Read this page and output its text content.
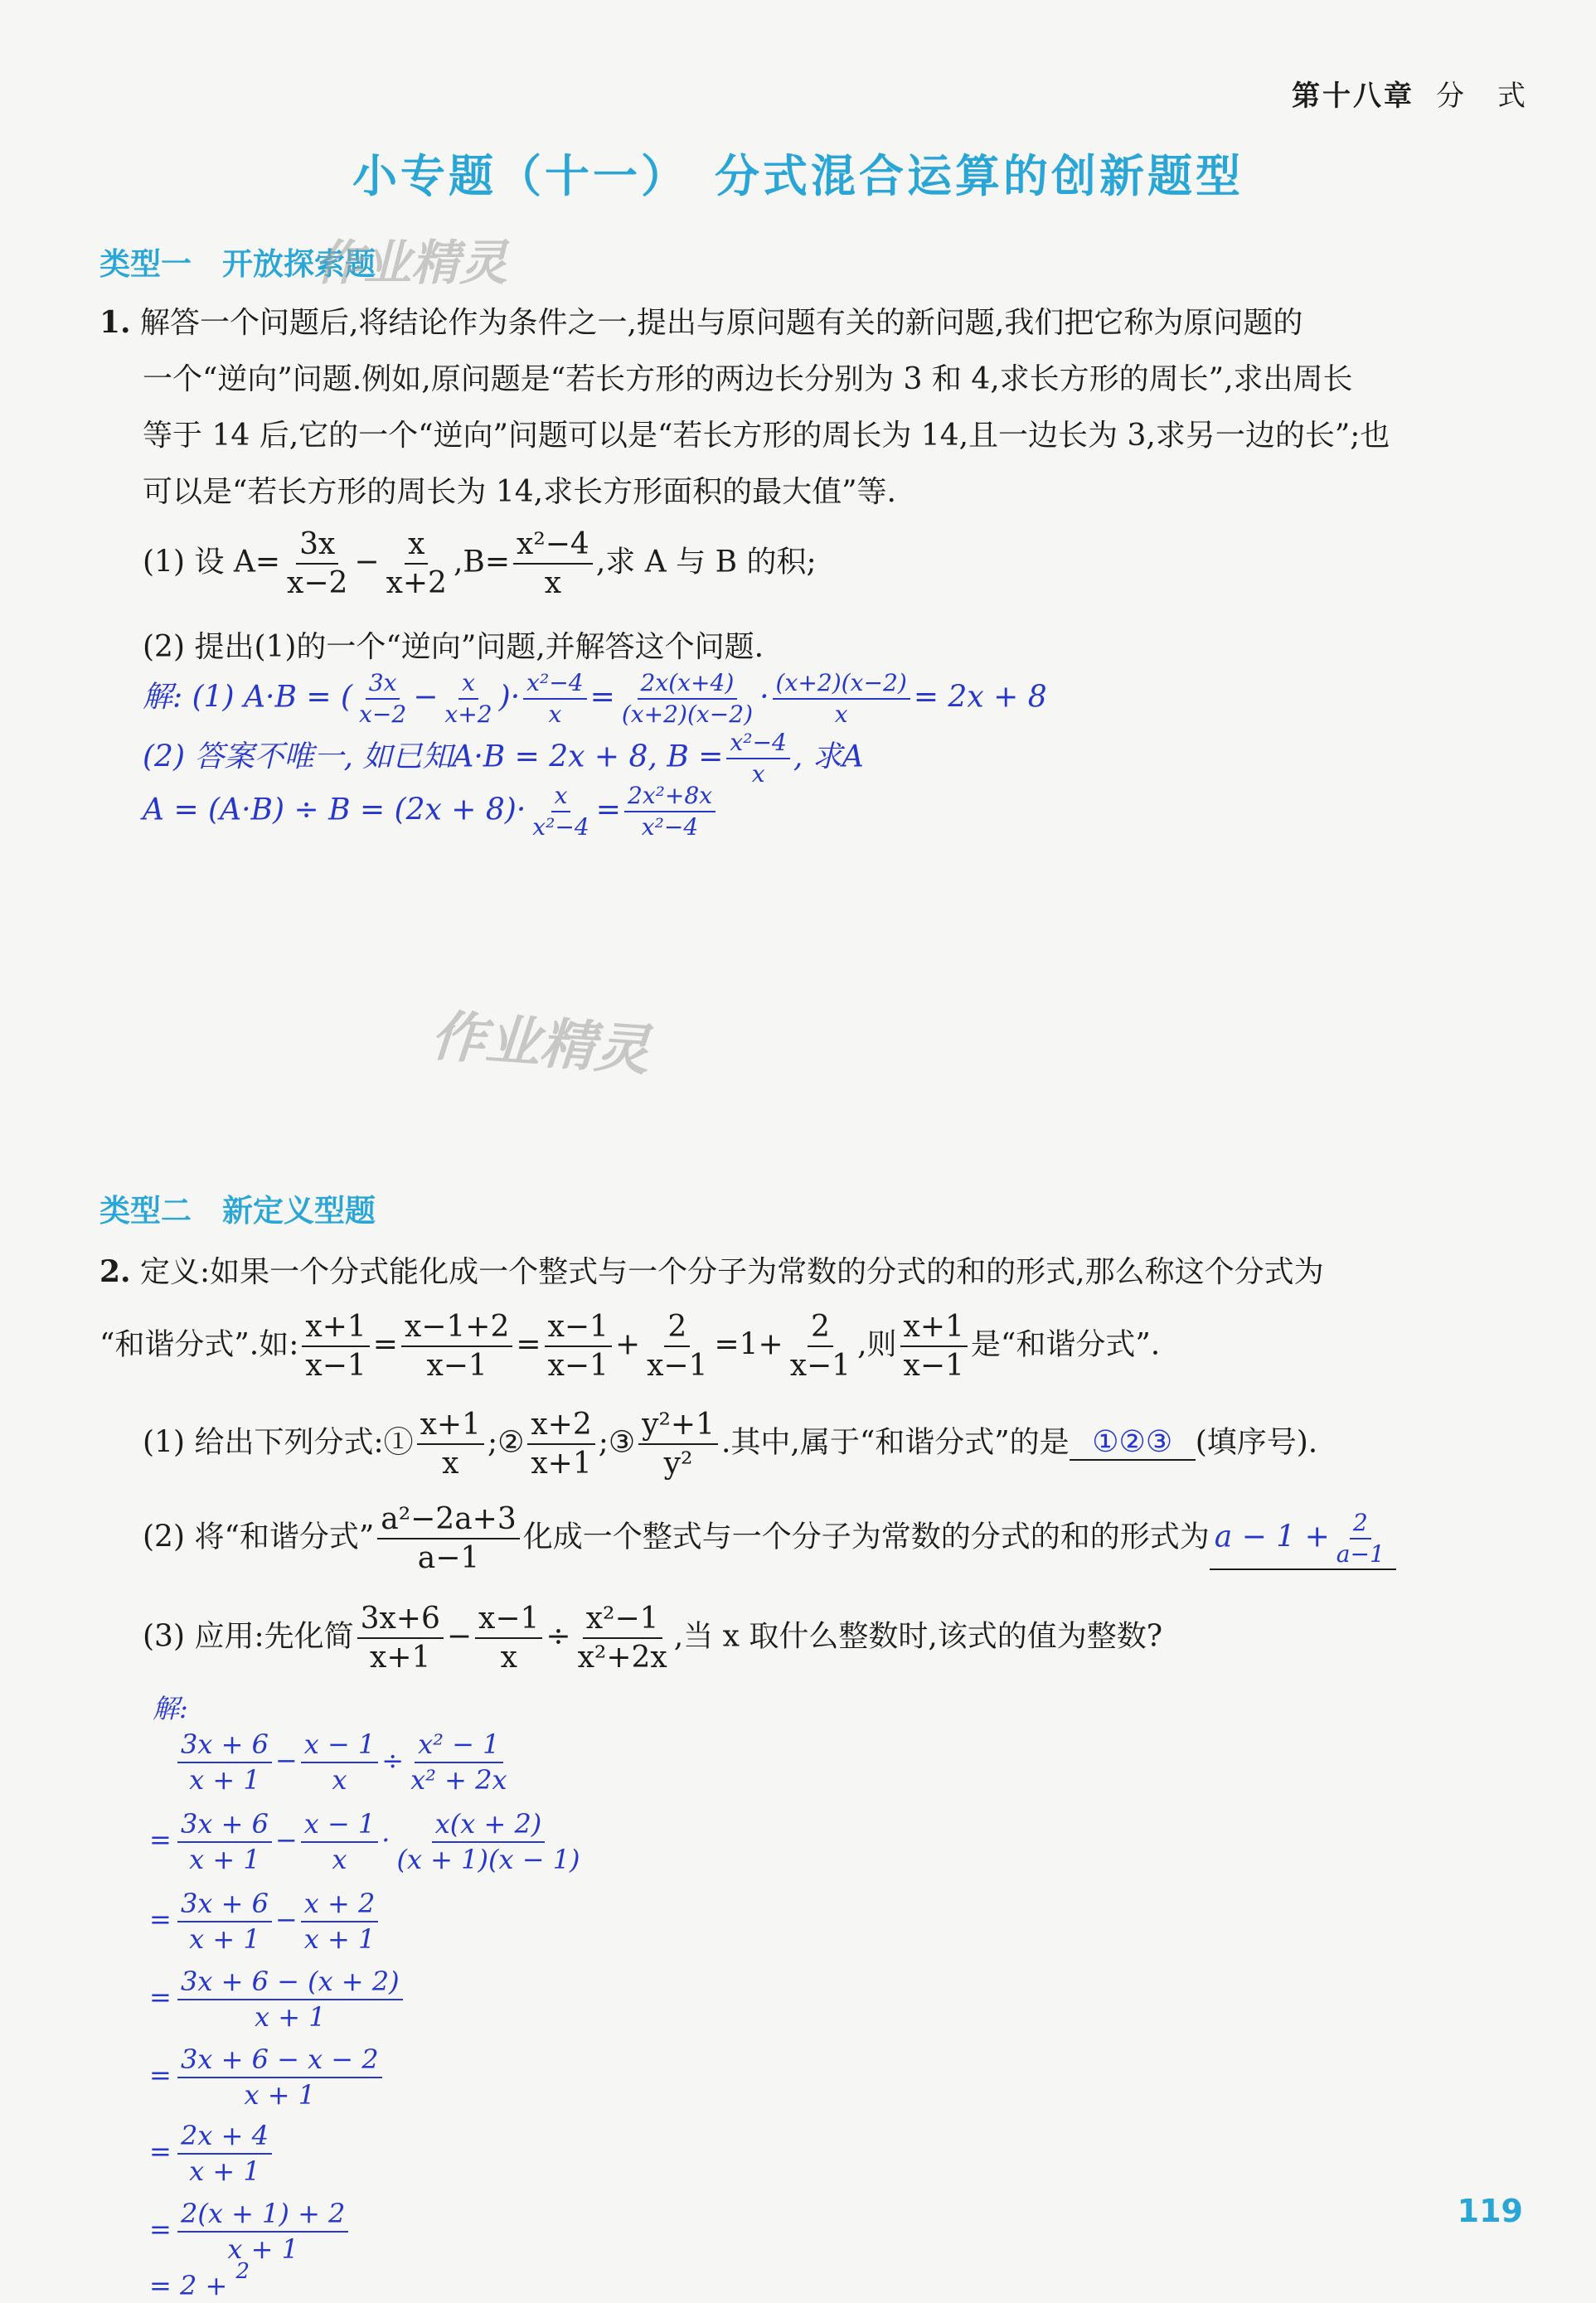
第十八章 分　式
小专题（十一）　分式混合运算的创新题型
类型一　开放探索题
作业精灵
1. 解答一个问题后,将结论作为条件之一,提出与原问题有关的新问题,我们把它称为原问题的
一个“逆向”问题.例如,原问题是“若长方形的两边长分别为 3 和 4,求长方形的周长”,求出周长
等于 14 后,它的一个“逆向”问题可以是“若长方形的周长为 14,且一边长为 3,求另一边的长”;也
可以是“若长方形的周长为 14,求长方形面积的最大值”等.
(1) 设 $A= \frac{3x}{x-2} - \frac{x}{x+2} ,B= \frac{\text{x²−4}}{x}$ ,求 A 与 B 的积;
(2) 提出(1)的一个“逆向”问题,并解答这个问题.
解: (1) A·B = ( $\frac{3x}{x-2} - \frac{x}{x+2}$ )· $\frac{\text{x²−4}}{x} = \frac{2x(x+4)}{(x+2)(x-2)} \cdot \frac{(x+2)(x-2)}{x} = 2x + 8$
(2) 答案不唯一, 如已知A·B = 2x + 8, $B = \frac{\text{x²−4}}{x}$ , 求A
$A = (A\cdot B) \div B = (2x + 8)\cdot \frac{x}{\text{x²−4}} = \frac{\text{2x²+8x}}{\text{x²−4}}$
作业精灵
类型二　新定义型题
2. 定义:如果一个分式能化成一个整式与一个分子为常数的分式的和的形式,那么称这个分式为
“和谐分式”.如: $\frac{x+1}{x-1} = \frac{x-1+2}{x-1} = \frac{x-1}{x-1} + \frac{2}{x-1} =1+ \frac{2}{x-1}$ ,则 $\frac{x+1}{x-1}$ 是“和谐分式”.
(1) 给出下列分式:① $\frac{x+1}{x}$ ;② $\frac{x+2}{x+1}$ ;③ $\frac{\text{y²+1}}{\text{y²}}$ .其中,属于“和谐分式”的是 ①②③ (填序号).
(2) 将“和谐分式” $\frac{\text{a²−2a+3}}{a-1}$ 化成一个整式与一个分子为常数的分式的和的形式为 $a - 1 + \frac{2}{a-1}$
(3) 应用:先化简 $\frac{3x+6}{x+1} - \frac{x-1}{x} \div \frac{\text{x²−1}}{\text{x²+2x}}$ ,当 x 取什么整数时,该式的值为整数?
解:
$\frac{3x + 6}{x + 1} - \frac{x - 1}{x} \div \frac{\text{x² − 1}}{\text{x² + 2x}}$
= $\frac{3x + 6}{x + 1} - \frac{x - 1}{x} \cdot \frac{x(x + 2)}{(x + 1)(x - 1)}$
= $\frac{3x + 6}{x + 1} - \frac{x + 2}{x + 1}$
= $\frac{3x + 6 - (x + 2)}{x + 1}$
= $\frac{3x + 6 - x - 2}{x + 1}$
= $\frac{2x + 4}{x + 1}$
= $\frac{2(x + 1) + 2}{x + 1}$
= 2 + $^2$
119
